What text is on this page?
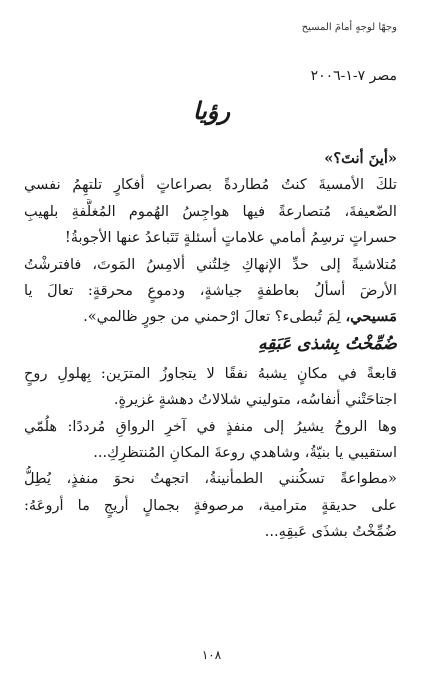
وجهًا لوجهٍ أمامَ المسيح
مصر ٧-١-٢٠٠٦
رؤيا
«أينَ أنتَ؟»
تلكَ الأمسيةَ كنتُ مُطاردةً بصراعاتٍ أفكارٍ تلتهِمُ نفسي
الضّعيفةَ، مُتصارعةً فيها هواجِسُ الهُموم المُغلَّفةِ بلهيبِ
حسراتٍ ترسِمُ أمامي علاماتٍ أسئلةٍ تَتَباعدُ عنها الأجوبةُ!
مُتلاشيةً إلى حدِّ الإنهاكِ خِلتُني ألامِسُ المَوتَ، فافترشْتُ
الأرضَ أسألُ بعاطفةٍ جياشةٍ، ودموعٍ محرقةٍ: تعالَ يا
مَسيحي، لِمَ تُبطىء؟ تعالَ ارْحمني من جورٍ ظالمي».
ضُمِّخْتُ بِشذى عَبَقِهِ
قابعةً في مكانٍ يشبهُ نفقًا لا يتجاوزُ المترَين: بِهلولِ روحٍ
اجتاحَتْني أنفاسُه، متوليني شلالاتُ دهشةٍ غزيرةٍ.
وها الروحُ يشيرُ إلى منفذٍ في آخرِ الرواقِ مُرددًا: هلُمّي
استقيبي يا بنيّةُ، وشاهدي روعةَ المكانِ المُنتظرِكِ...
«مطواعةً تسكُنني الطمأنينةُ، اتجهتُ نحوَ منفذٍ، يُطِلُّ
على حديقةٍ مترامية، مرصوفةٍ بجمالٍ أريجٍ ما أروعَهُ:
ضُمِّخْتُ بشذَى عَبقِهِ...
١٠٨
